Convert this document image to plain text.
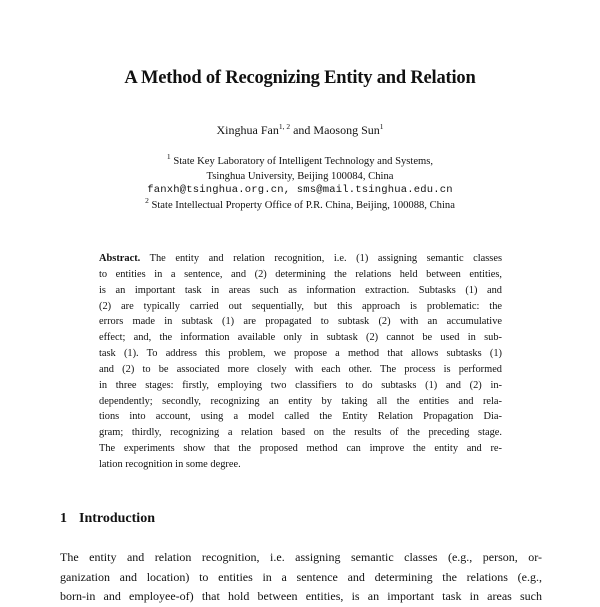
A Method of Recognizing Entity and Relation
Xinghua Fan$^{1, 2}$ and Maosong Sun$^1$
$^1$ State Key Laboratory of Intelligent Technology and Systems,
Tsinghua University, Beijing 100084, China
fanxh@tsinghua.org.cn, sms@mail.tsinghua.edu.cn
$^2$ State Intellectual Property Office of P.R. China, Beijing, 100088, China
Abstract. The entity and relation recognition, i.e. (1) assigning semantic classes
to entities in a sentence, and (2) determining the relations held between entities,
is an important task in areas such as information extraction. Subtasks (1) and
(2) are typically carried out sequentially, but this approach is problematic: the
errors made in subtask (1) are propagated to subtask (2) with an accumulative
effect; and, the information available only in subtask (2) cannot be used in sub-
task (1). To address this problem, we propose a method that allows subtasks (1)
and (2) to be associated more closely with each other. The process is performed
in three stages: firstly, employing two classifiers to do subtasks (1) and (2) in-
dependently; secondly, recognizing an entity by taking all the entities and rela-
tions into account, using a model called the Entity Relation Propagation Dia-
gram; thirdly, recognizing a relation based on the results of the preceding stage.
The experiments show that the proposed method can improve the entity and re-
lation recognition in some degree.
1 Introduction
The entity and relation recognition, i.e. assigning semantic classes (e.g., person, or-
ganization and location) to entities in a sentence and determining the relations (e.g.,
born-in and employee-of) that hold between entities, is an important task in areas such
